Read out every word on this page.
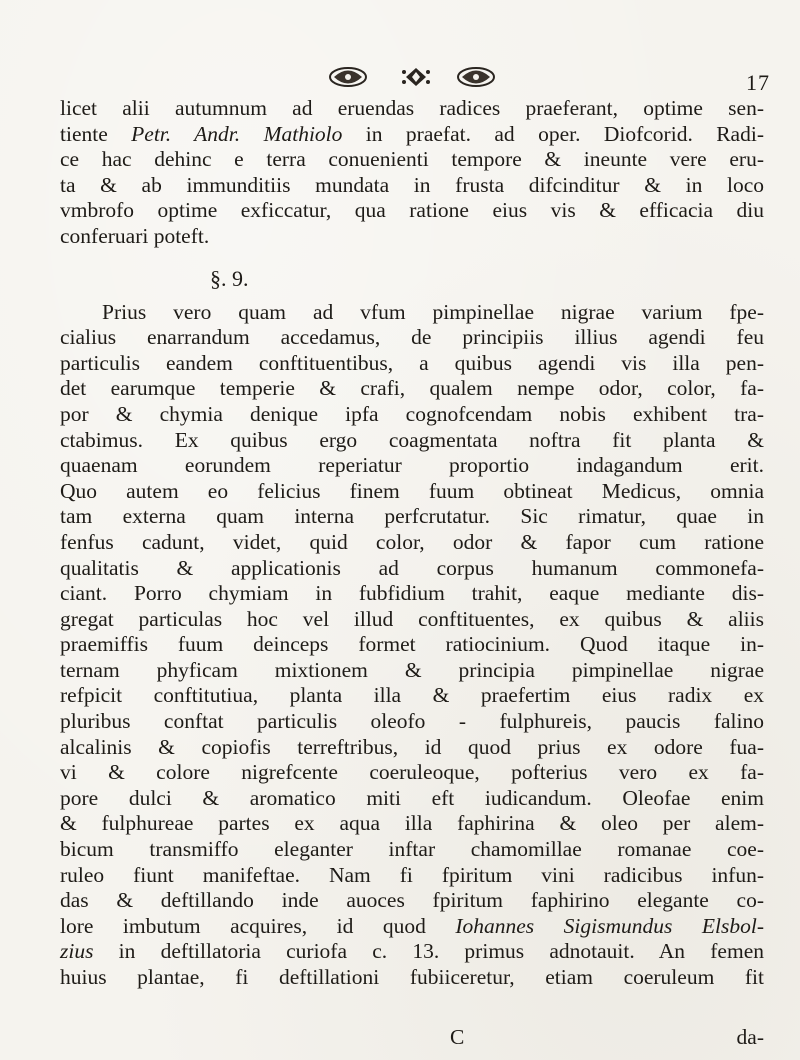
17
licet alii autumnum ad eruendas radices praeferant, optime sen-
tiente Petr. Andr. Mathiolo in praefat. ad oper. Diofcorid. Radi-
ce hac dehinc e terra conuenienti tempore & ineunte vere eru-
ta & ab immunditiis mundata in frusta difcinditur & in loco
vmbrofo optime exficcatur, qua ratione eius vis & efficacia diu
conferuari poteft.
§. 9.
Prius vero quam ad vfum pimpinellae nigrae varium fpe-
cialius enarrandum accedamus, de principiis illius agendi feu
particulis eandem conftituentibus, a quibus agendi vis illa pen-
det earumque temperie & crafi, qualem nempe odor, color, fa-
por & chymia denique ipfa cognofcendam nobis exhibent tra-
ctabimus. Ex quibus ergo coagmentata noftra fit planta &
quaenam eorundem reperiatur proportio indagandum erit.
Quo autem eo felicius finem fuum obtineat Medicus, omnia
tam externa quam interna perfcrutatur. Sic rimatur, quae in
fenfus cadunt, videt, quid color, odor & fapor cum ratione
qualitatis & applicationis ad corpus humanum commonefa-
ciant. Porro chymiam in fubfidium trahit, eaque mediante dis-
gregat particulas hoc vel illud conftituentes, ex quibus & aliis
praemiffis fuum deinceps formet ratiocinium. Quod itaque in-
ternam phyficam mixtionem & principia pimpinellae nigrae
refpicit conftitutiua, planta illa & praefertim eius radix ex
pluribus conftat particulis oleofo - fulphureis, paucis falino
alcalinis & copiofis terreftribus, id quod prius ex odore fua-
vi & colore nigrefcente coeruleoque, pofterius vero ex fa-
pore dulci & aromatico miti eft iudicandum. Oleofae enim
& fulphureae partes ex aqua illa faphirina & oleo per alem-
bicum transmiffo eleganter inftar chamomillae romanae coe-
ruleo fiunt manifeftae. Nam fi fpiritum vini radicibus infun-
das & deftillando inde auoces fpiritum faphirino elegante co-
lore imbutum acquires, id quod Iohannes Sigismundus Elsbol-
zius in deftillatoria curiofa c. 13. primus adnotauit. An femen
huius plantae, fi deftillationi fubiiceretur, etiam coeruleum fit
C	da-
